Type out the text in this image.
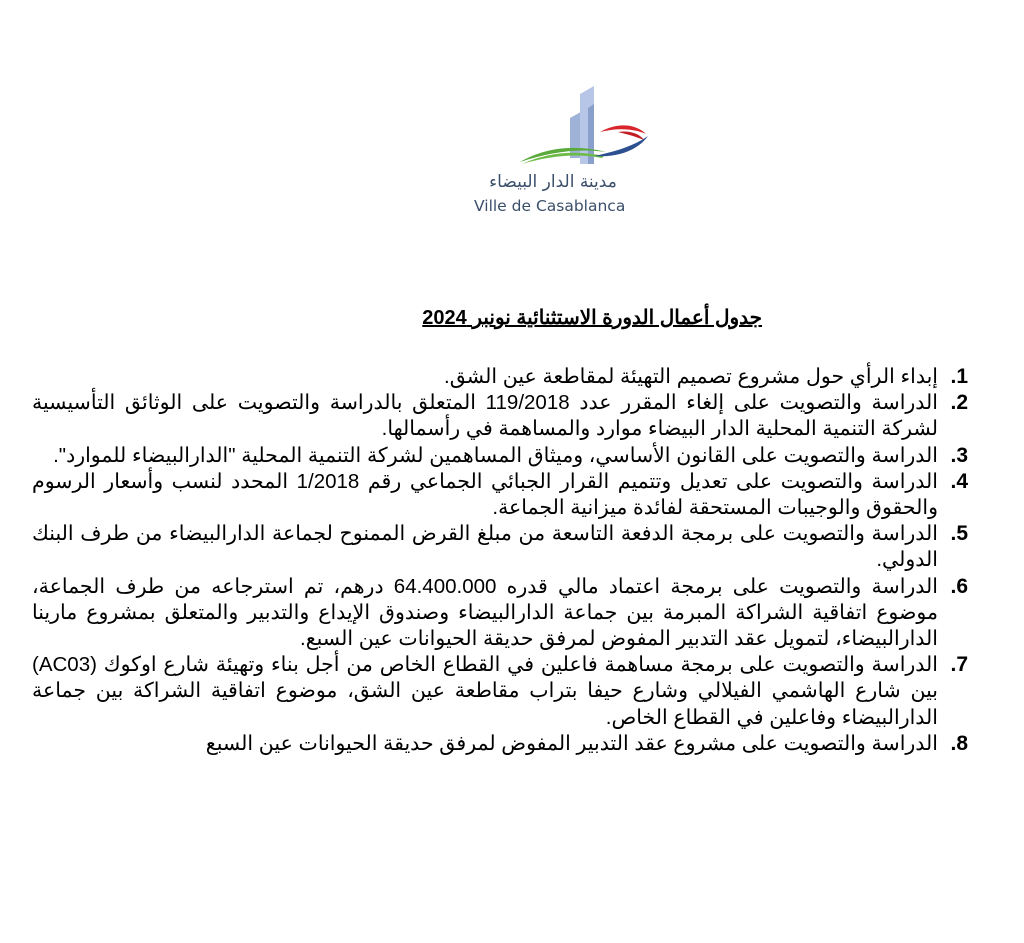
مدينة الدار البيضاء
Ville de Casablanca
جدول أعمال الدورة الاستثنائية نونبر 2024
1.
إبداء الرأي حول مشروع تصميم التهيئة لمقاطعة عين الشق.
2.
الدراسة والتصويت على إلغاء المقرر عدد 119/2018 المتعلق بالدراسة والتصويت على الوثائق التأسيسية لشركة التنمية المحلية الدار البيضاء موارد والمساهمة في رأسمالها.
3.
الدراسة والتصويت على القانون الأساسي، وميثاق المساهمين لشركة التنمية المحلية "الدارالبيضاء للموارد".
4.
الدراسة والتصويت على تعديل وتتميم القرار الجبائي الجماعي رقم 1/2018 المحدد لنسب وأسعار الرسوم والحقوق والوجيبات المستحقة لفائدة ميزانية الجماعة.
5.
الدراسة والتصويت على برمجة الدفعة التاسعة من مبلغ القرض الممنوح لجماعة الدارالبيضاء من طرف البنك الدولي.
6.
الدراسة والتصويت على برمجة اعتماد مالي قدره 64.400.000 درهم، تم استرجاعه من طرف الجماعة، موضوع اتفاقية الشراكة المبرمة بين جماعة الدارالبيضاء وصندوق الإيداع والتدبير والمتعلق بمشروع مارينا الدارالبيضاء، لتمويل عقد التدبير المفوض لمرفق حديقة الحيوانات عين السبع.
7.
الدراسة والتصويت على برمجة مساهمة فاعلين في القطاع الخاص من أجل بناء وتهيئة شارع اوكوك (AC03) بين شارع الهاشمي الفيلالي وشارع حيفا بتراب مقاطعة عين الشق، موضوع اتفاقية الشراكة بين جماعة الدارالبيضاء وفاعلين في القطاع الخاص.
8.
الدراسة والتصويت على مشروع عقد التدبير المفوض لمرفق حديقة الحيوانات عين السبع
